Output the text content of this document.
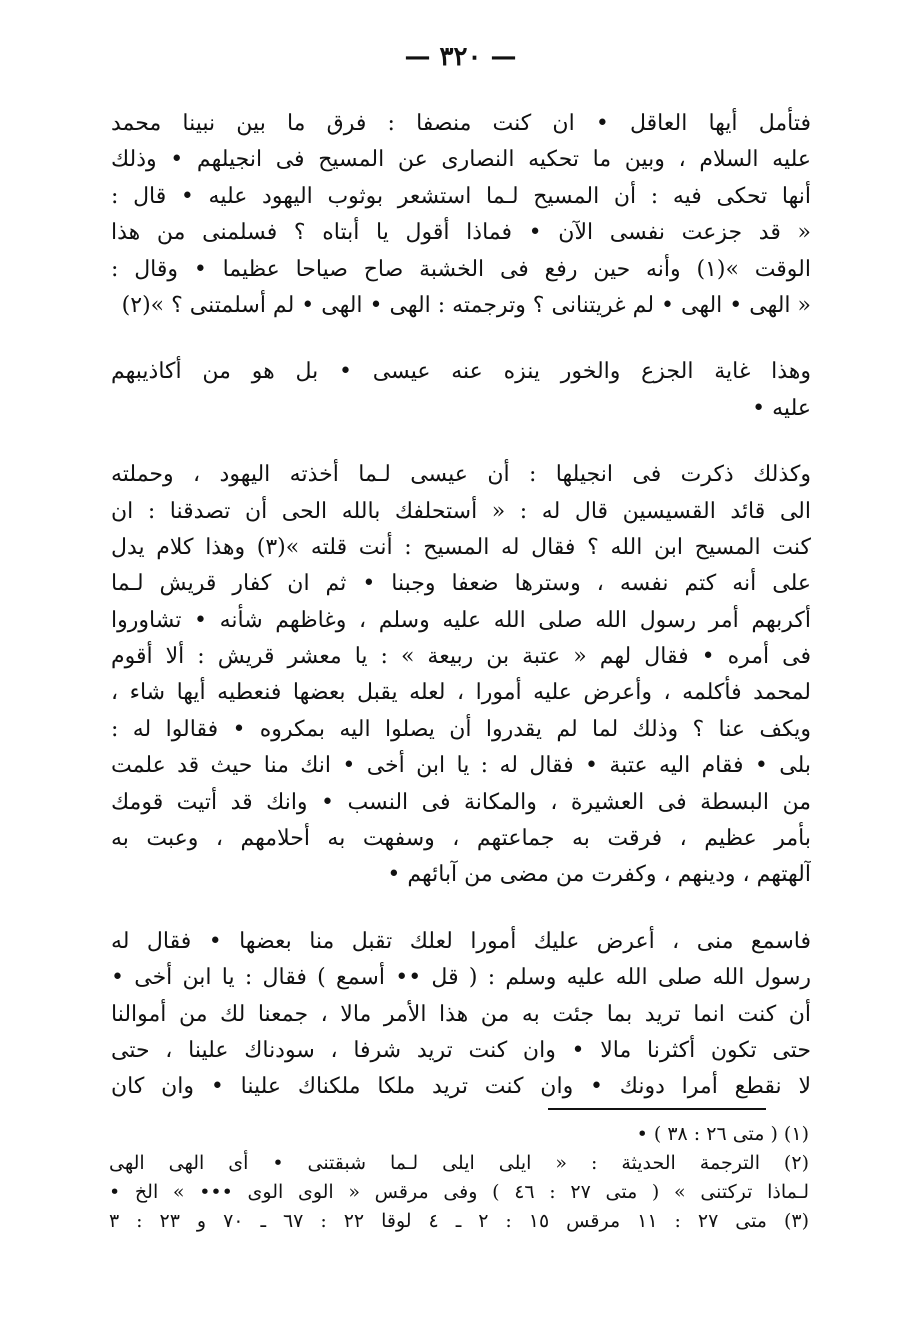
— ٣٢٠ —
فتأمل أيها العاقل • ان كنت منصفا : فرق ما بين نبينا محمد
عليه السلام ، وبين ما تحكيه النصارى عن المسيح فى انجيلهم • وذلك
أنها تحكى فيه : أن المسيح لـما استشعر بوثوب اليهود عليه • قال :
« قد جزعت نفسى الآن • فماذا أقول يا أبتاه ؟ فسلمنى من هذا
الوقت »(١) وأنه حين رفع فى الخشبة صاح صياحا عظيما • وقال :
« الهى • الهى • لم غريتنانى ؟ وترجمته : الهى • الهى • لم أسلمتنى ؟ »(٢)
وهذا غاية الجزع والخور ينزه عنه عيسى • بل هو من أكاذيبهم
عليه •
وكذلك ذكرت فى انجيلها : أن عيسى لـما أخذته اليهود ، وحملته
الى قائد القسيسين قال له : « أستحلفك بالله الحى أن تصدقنا : ان
كنت المسيح ابن الله ؟ فقال له المسيح : أنت قلته »(٣) وهذا كلام يدل
على أنه كتم نفسه ، وسترها ضعفا وجبنا • ثم ان كفار قريش لـما
أكربهم أمر رسول الله صلى الله عليه وسلم ، وغاظهم شأنه • تشاوروا
فى أمره • فقال لهم « عتبة بن ربيعة » : يا معشر قريش : ألا أقوم
لمحمد فأكلمه ، وأعرض عليه أمورا ، لعله يقبل بعضها فنعطيه أيها شاء ،
ويكف عنا ؟ وذلك لما لم يقدروا أن يصلوا اليه بمكروه • فقالوا له :
بلى • فقام اليه عتبة • فقال له : يا ابن أخى • انك منا حيث قد علمت
من البسطة فى العشيرة ، والمكانة فى النسب • وانك قد أتيت قومك
بأمر عظيم ، فرقت به جماعتهم ، وسفهت به أحلامهم ، وعبت به
آلهتهم ، ودينهم ، وكفرت من مضى من آبائهم •
فاسمع منى ، أعرض عليك أمورا لعلك تقبل منا بعضها • فقال له
رسول الله صلى الله عليه وسلم : ( قل •• أسمع ) فقال : يا ابن أخى •
أن كنت انما تريد بما جئت به من هذا الأمر مالا ، جمعنا لك من أموالنا
حتى تكون أكثرنا مالا • وان كنت تريد شرفا ، سودناك علينا ، حتى
لا نقطع أمرا دونك • وان كنت تريد ملكا ملكناك علينا • وان كان
(١) ( متى ٢٦ : ٣٨ ) •
(٢) الترجمة الحديثة : « ايلى ايلى لـما شبقتنى • أى الهى الهى
لـماذا تركتنى » ( متى ٢٧ : ٤٦ ) وفى مرقس « الوى الوى ••• » الخ •
(٣) متى ٢٧ : ١١ مرقس ١٥ : ٢ ـ ٤ لوقا ٢٢ : ٦٧ ـ ٧٠ و ٢٣ : ٣
